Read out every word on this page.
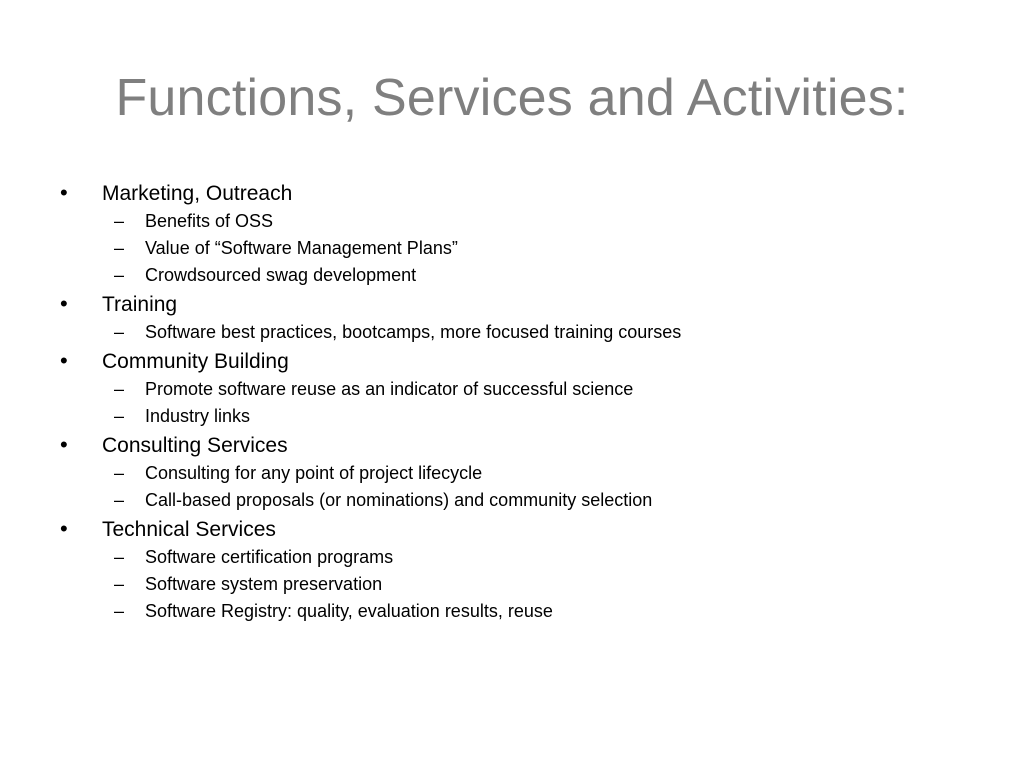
Functions, Services and Activities:
•	Marketing, Outreach
–	Benefits of OSS
–	Value of “Software Management Plans”
–	Crowdsourced swag development
•	Training
–	Software best practices, bootcamps, more focused training courses
•	Community Building
–	Promote software reuse as an indicator of successful science
–	Industry links
•	Consulting Services
–	Consulting for any point of project lifecycle
–	Call-based proposals (or nominations) and community selection
•	Technical Services
–	Software certification programs
–	Software system preservation
–	Software Registry: quality, evaluation results, reuse
